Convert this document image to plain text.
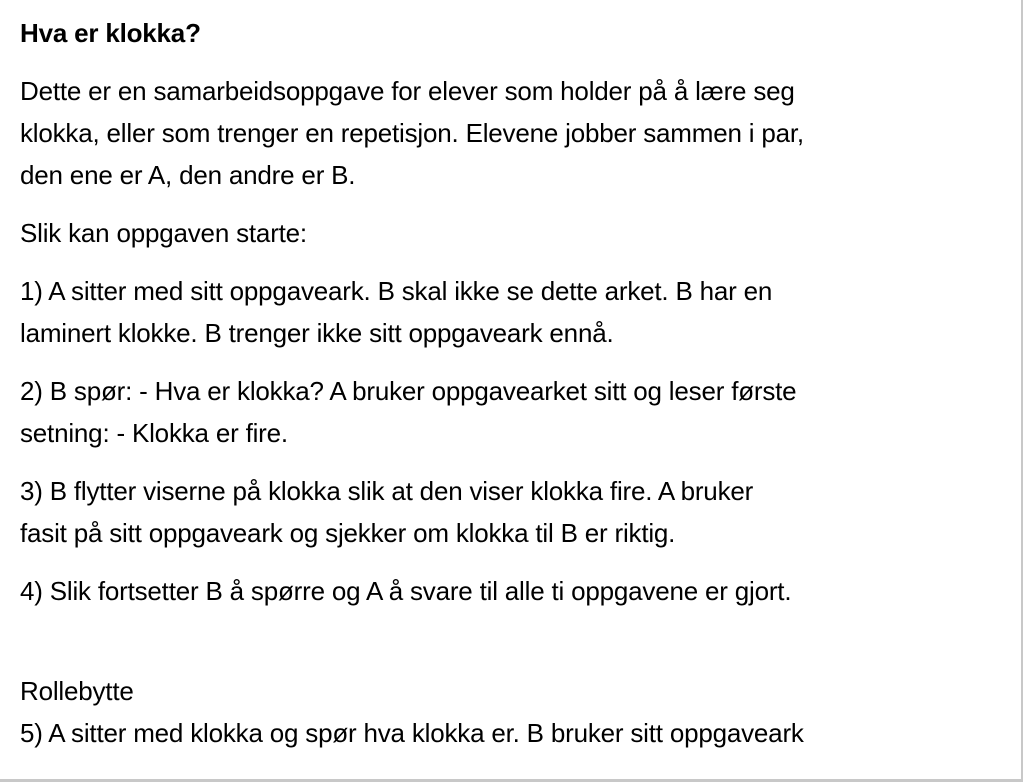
Hva er klokka?
Dette er en samarbeidsoppgave for elever som holder på å lære seg
klokka, eller som trenger en repetisjon. Elevene jobber sammen i par,
den ene er A, den andre er B.
Slik kan oppgaven starte:
1) A sitter med sitt oppgaveark. B skal ikke se dette arket. B har en
laminert klokke. B trenger ikke sitt oppgaveark ennå.
2) B spør: - Hva er klokka? A bruker oppgavearket sitt og leser første
setning: - Klokka er fire.
3) B flytter viserne på klokka slik at den viser klokka fire. A bruker
fasit på sitt oppgaveark og sjekker om klokka til B er riktig.
4) Slik fortsetter B å spørre og A å svare til alle ti oppgavene er gjort.
Rollebytte
5) A sitter med klokka og spør hva klokka er. B bruker sitt oppgaveark
